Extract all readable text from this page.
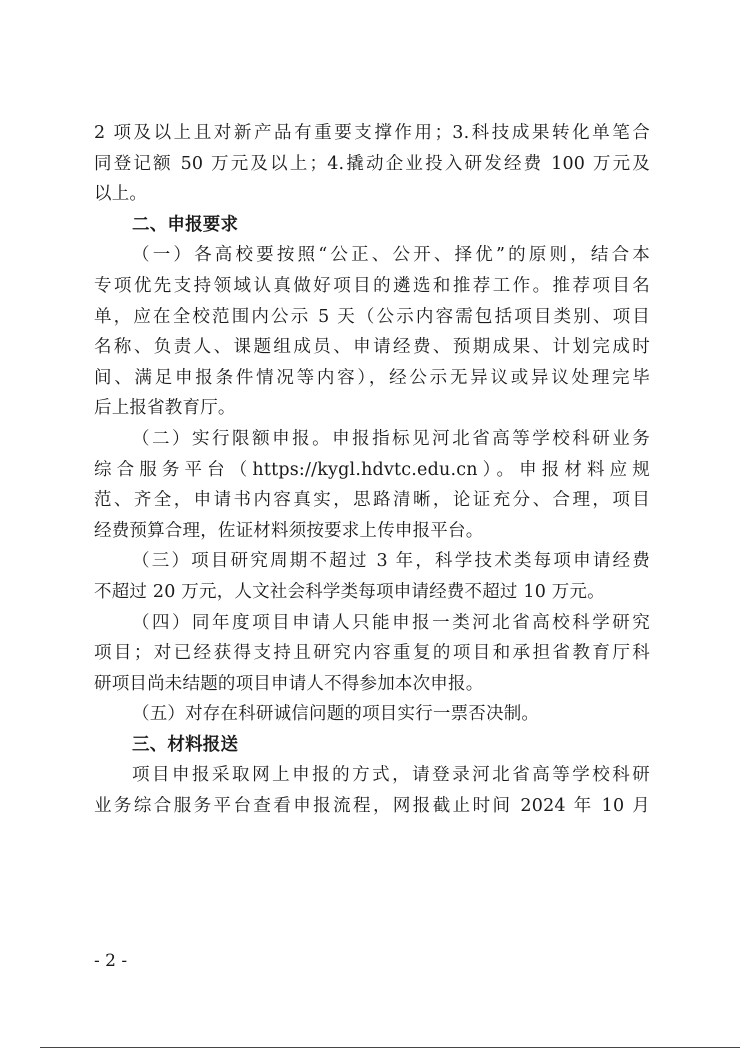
2 项及以上且对新产品有重要支撑作用；3.科技成果转化单笔合
同登记额 50 万元及以上；4.撬动企业投入研发经费 100 万元及
以上。
二、申报要求
（一）各高校要按照“公正、公开、择优”的原则，结合本
专项优先支持领域认真做好项目的遴选和推荐工作。推荐项目名
单，应在全校范围内公示 5 天（公示内容需包括项目类别、项目
名称、负责人、课题组成员、申请经费、预期成果、计划完成时
间、满足申报条件情况等内容），经公示无异议或异议处理完毕
后上报省教育厅。
（二）实行限额申报。申报指标见河北省高等学校科研业务
综合服务平台（https://kygl.hdvtc.edu.cn）。申报材料应规
范、齐全，申请书内容真实，思路清晰，论证充分、合理，项目
经费预算合理，佐证材料须按要求上传申报平台。
（三）项目研究周期不超过 3 年，科学技术类每项申请经费
不超过 20 万元，人文社会科学类每项申请经费不超过 10 万元。
（四）同年度项目申请人只能申报一类河北省高校科学研究
项目；对已经获得支持且研究内容重复的项目和承担省教育厅科
研项目尚未结题的项目申请人不得参加本次申报。
（五）对存在科研诚信问题的项目实行一票否决制。
三、材料报送
项目申报采取网上申报的方式，请登录河北省高等学校科研
业务综合服务平台查看申报流程，网报截止时间 2024 年 10 月
- 2 -
